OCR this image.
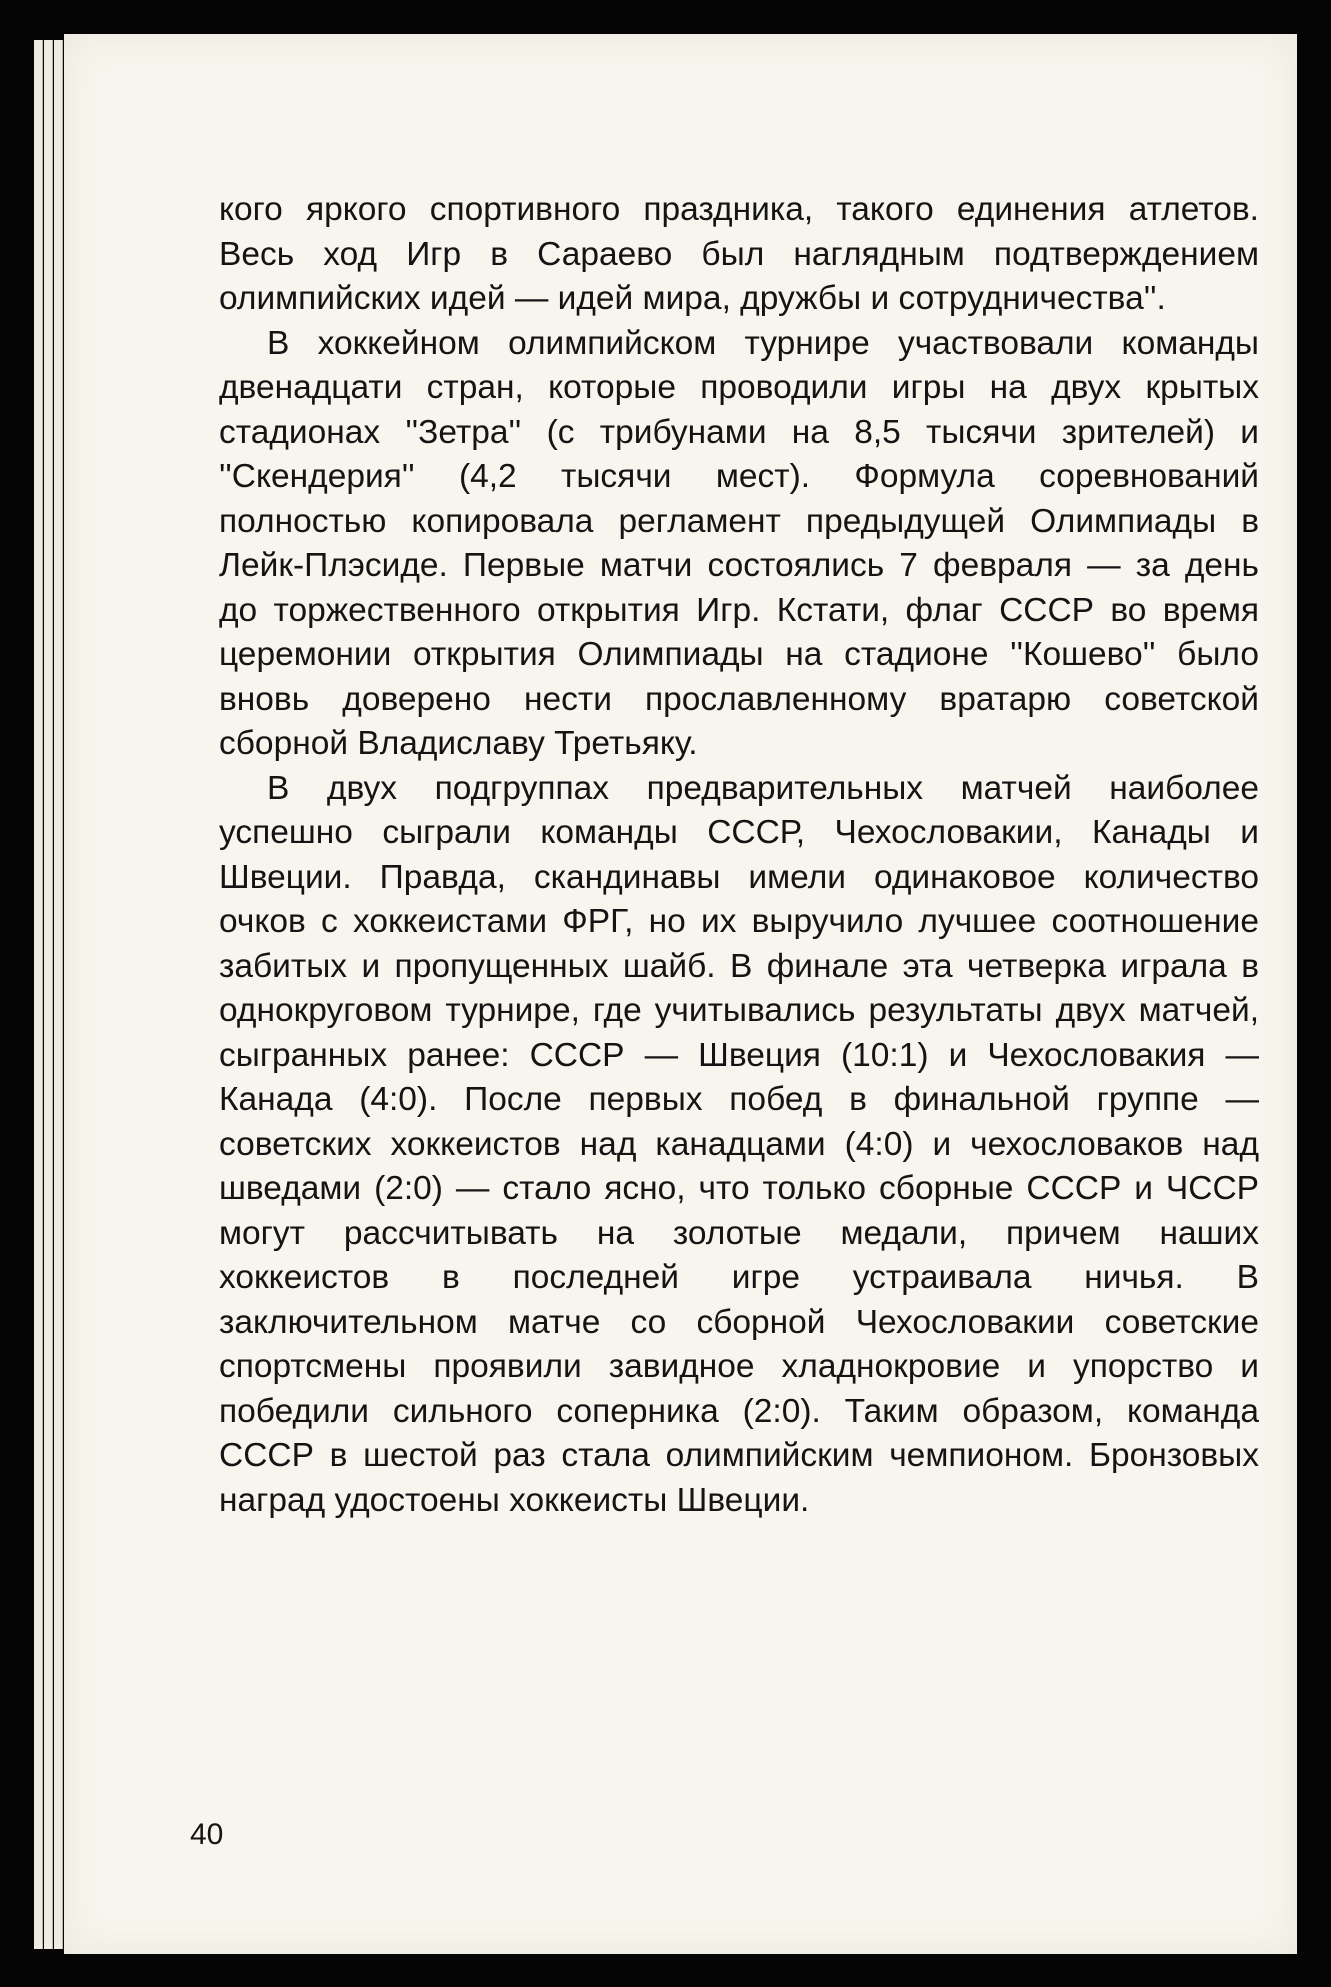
кого яркого спортивного праздника, такого единения атлетов. Весь ход Игр в Сараево был наглядным подтверждением олимпийских идей — идей мира, дружбы и сотрудничества''.

В хоккейном олимпийском турнире участвовали команды двенадцати стран, которые проводили игры на двух крытых стадионах ''Зетра'' (с трибунами на 8,5 тысячи зрителей) и ''Скендерия'' (4,2 тысячи мест). Формула соревнований полностью копировала регламент предыдущей Олимпиады в Лейк-Плэсиде. Первые матчи состоялись 7 февраля — за день до торжественного открытия Игр. Кстати, флаг СССР во время церемонии открытия Олимпиады на стадионе ''Кошево'' было вновь доверено нести прославленному вратарю советской сборной Владиславу Третьяку.

В двух подгруппах предварительных матчей наиболее успешно сыграли команды СССР, Чехословакии, Канады и Швеции. Правда, скандинавы имели одинаковое количество очков с хоккеистами ФРГ, но их выручило лучшее соотношение забитых и пропущенных шайб. В финале эта четверка играла в однокруговом турнире, где учитывались результаты двух матчей, сыгранных ранее: СССР — Швеция (10:1) и Чехословакия — Канада (4:0). После первых побед в финальной группе — советских хоккеистов над канадцами (4:0) и чехословаков над шведами (2:0) — стало ясно, что только сборные СССР и ЧССР могут рассчитывать на золотые медали, причем наших хоккеистов в последней игре устраивала ничья. В заключительном матче со сборной Чехословакии советские спортсмены проявили завидное хладнокровие и упорство и победили сильного соперника (2:0). Таким образом, команда СССР в шестой раз стала олимпийским чемпионом. Бронзовых наград удостоены хоккеисты Швеции.

40
